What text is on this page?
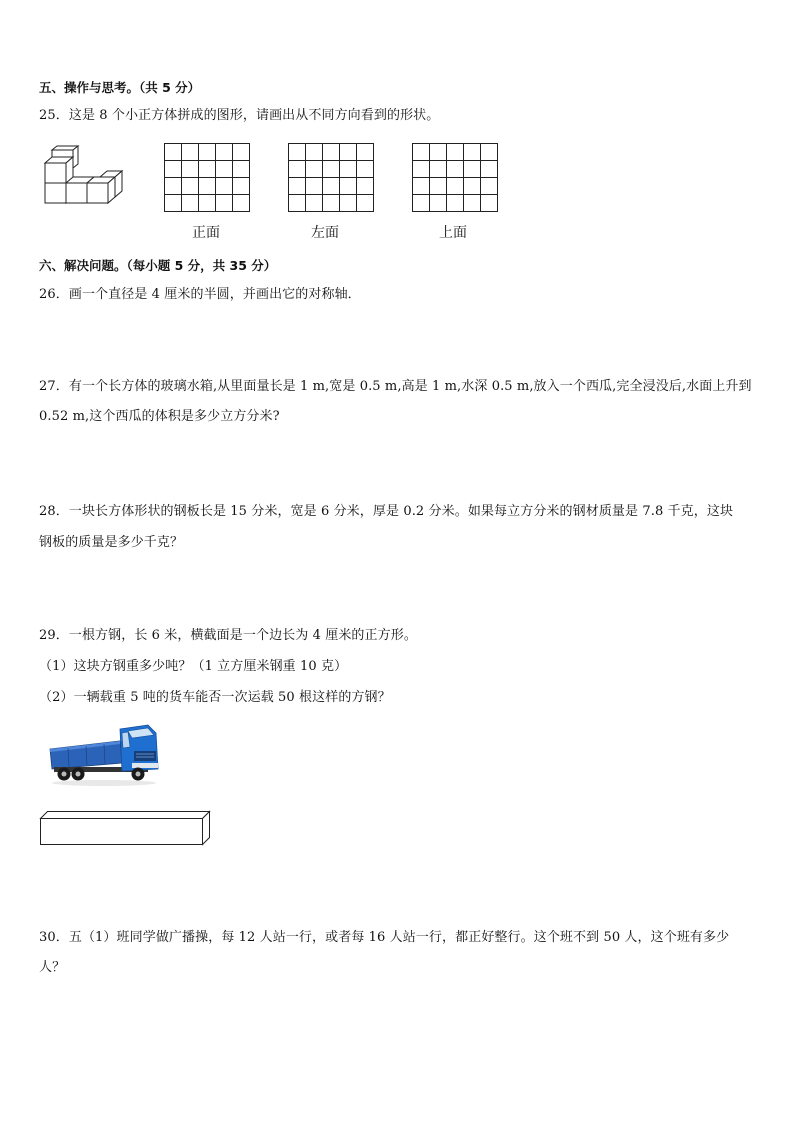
五、操作与思考。（共 5 分）
25．这是 8 个小正方体拼成的图形，请画出从不同方向看到的形状。
正面	左面	上面
六、解决问题。（每小题 5 分，共 35 分）
26．画一个直径是 4 厘米的半圆，并画出它的对称轴．
27．有一个长方体的玻璃水箱,从里面量长是 1 m,宽是 0.5 m,高是 1 m,水深 0.5 m,放入一个西瓜,完全浸没后,水面上升到
0.52 m,这个西瓜的体积是多少立方分米?
28．一块长方体形状的钢板长是 15 分米，宽是 6 分米，厚是 0.2 分米。如果每立方分米的钢材质量是 7.8 千克，这块
钢板的质量是多少千克？
29．一根方钢，长 6 米，横截面是一个边长为 4 厘米的正方形。
（1）这块方钢重多少吨？（1 立方厘米钢重 10 克）
（2）一辆载重 5 吨的货车能否一次运载 50 根这样的方钢？
30．五（1）班同学做广播操，每 12 人站一行，或者每 16 人站一行，都正好整行。这个班不到 50 人，这个班有多少
人？
